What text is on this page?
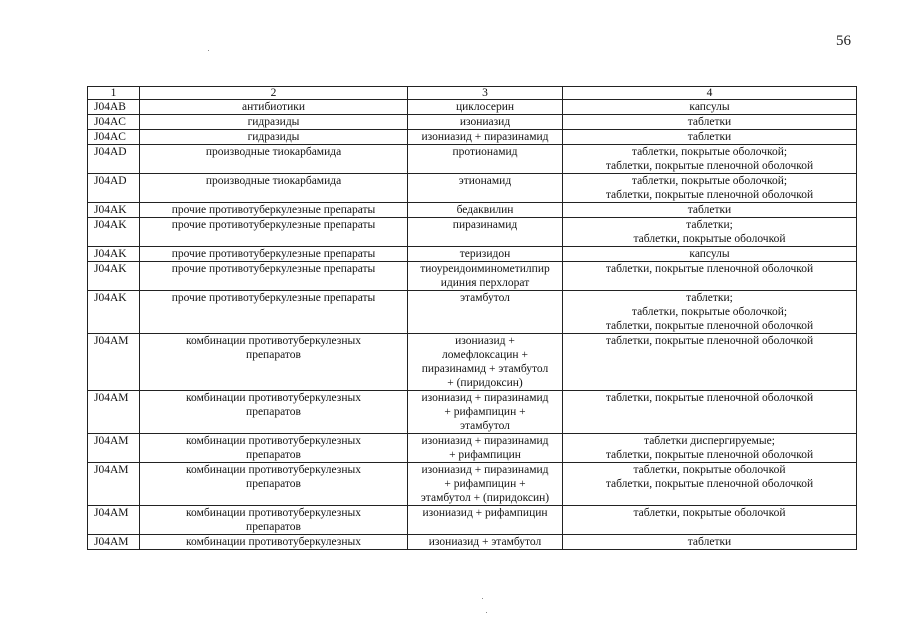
56
1	2	3	4
J04AB	антибиотики	циклосерин	капсулы

J04AC	гидразиды	изониазид	таблетки

J04AC	гидразиды	изониазид + пиразинамид	таблетки

J04AD	производные тиокарбамида	протионамид	таблетки, покрытые оболочкой;
таблетки, покрытые пленочной оболочкой

J04AD	производные тиокарбамида	этионамид	таблетки, покрытые оболочкой;
таблетки, покрытые пленочной оболочкой

J04AK	прочие противотуберкулезные препараты	бедаквилин	таблетки

J04AK	прочие противотуберкулезные препараты	пиразинамид	таблетки;
таблетки, покрытые оболочкой

J04AK	прочие противотуберкулезные препараты	теризидон	капсулы

J04AK	прочие противотуберкулезные препараты	тиоуреидоиминометилпир
идиния перхлорат	таблетки, покрытые пленочной оболочкой

J04AK	прочие противотуберкулезные препараты	этамбутол	таблетки;
таблетки, покрытые оболочкой;
таблетки, покрытые пленочной оболочкой

J04AM	комбинации противотуберкулезных
препаратов	изониазид +
ломефлоксацин +
пиразинамид + этамбутол
+ (пиридоксин)	таблетки, покрытые пленочной оболочкой

J04AM	комбинации противотуберкулезных
препаратов	изониазид + пиразинамид
+ рифампицин +
этамбутол	таблетки, покрытые пленочной оболочкой

J04AM	комбинации противотуберкулезных
препаратов	изониазид + пиразинамид
+ рифампицин	таблетки диспергируемые;
таблетки, покрытые пленочной оболочкой

J04AM	комбинации противотуберкулезных
препаратов	изониазид + пиразинамид
+ рифампицин +
этамбутол + (пиридоксин)	таблетки, покрытые оболочкой
таблетки, покрытые пленочной оболочкой

J04AM	комбинации противотуберкулезных
препаратов	изониазид + рифампицин	таблетки, покрытые оболочкой

J04AM	комбинации противотуберкулезных	изониазид + этамбутол	таблетки
